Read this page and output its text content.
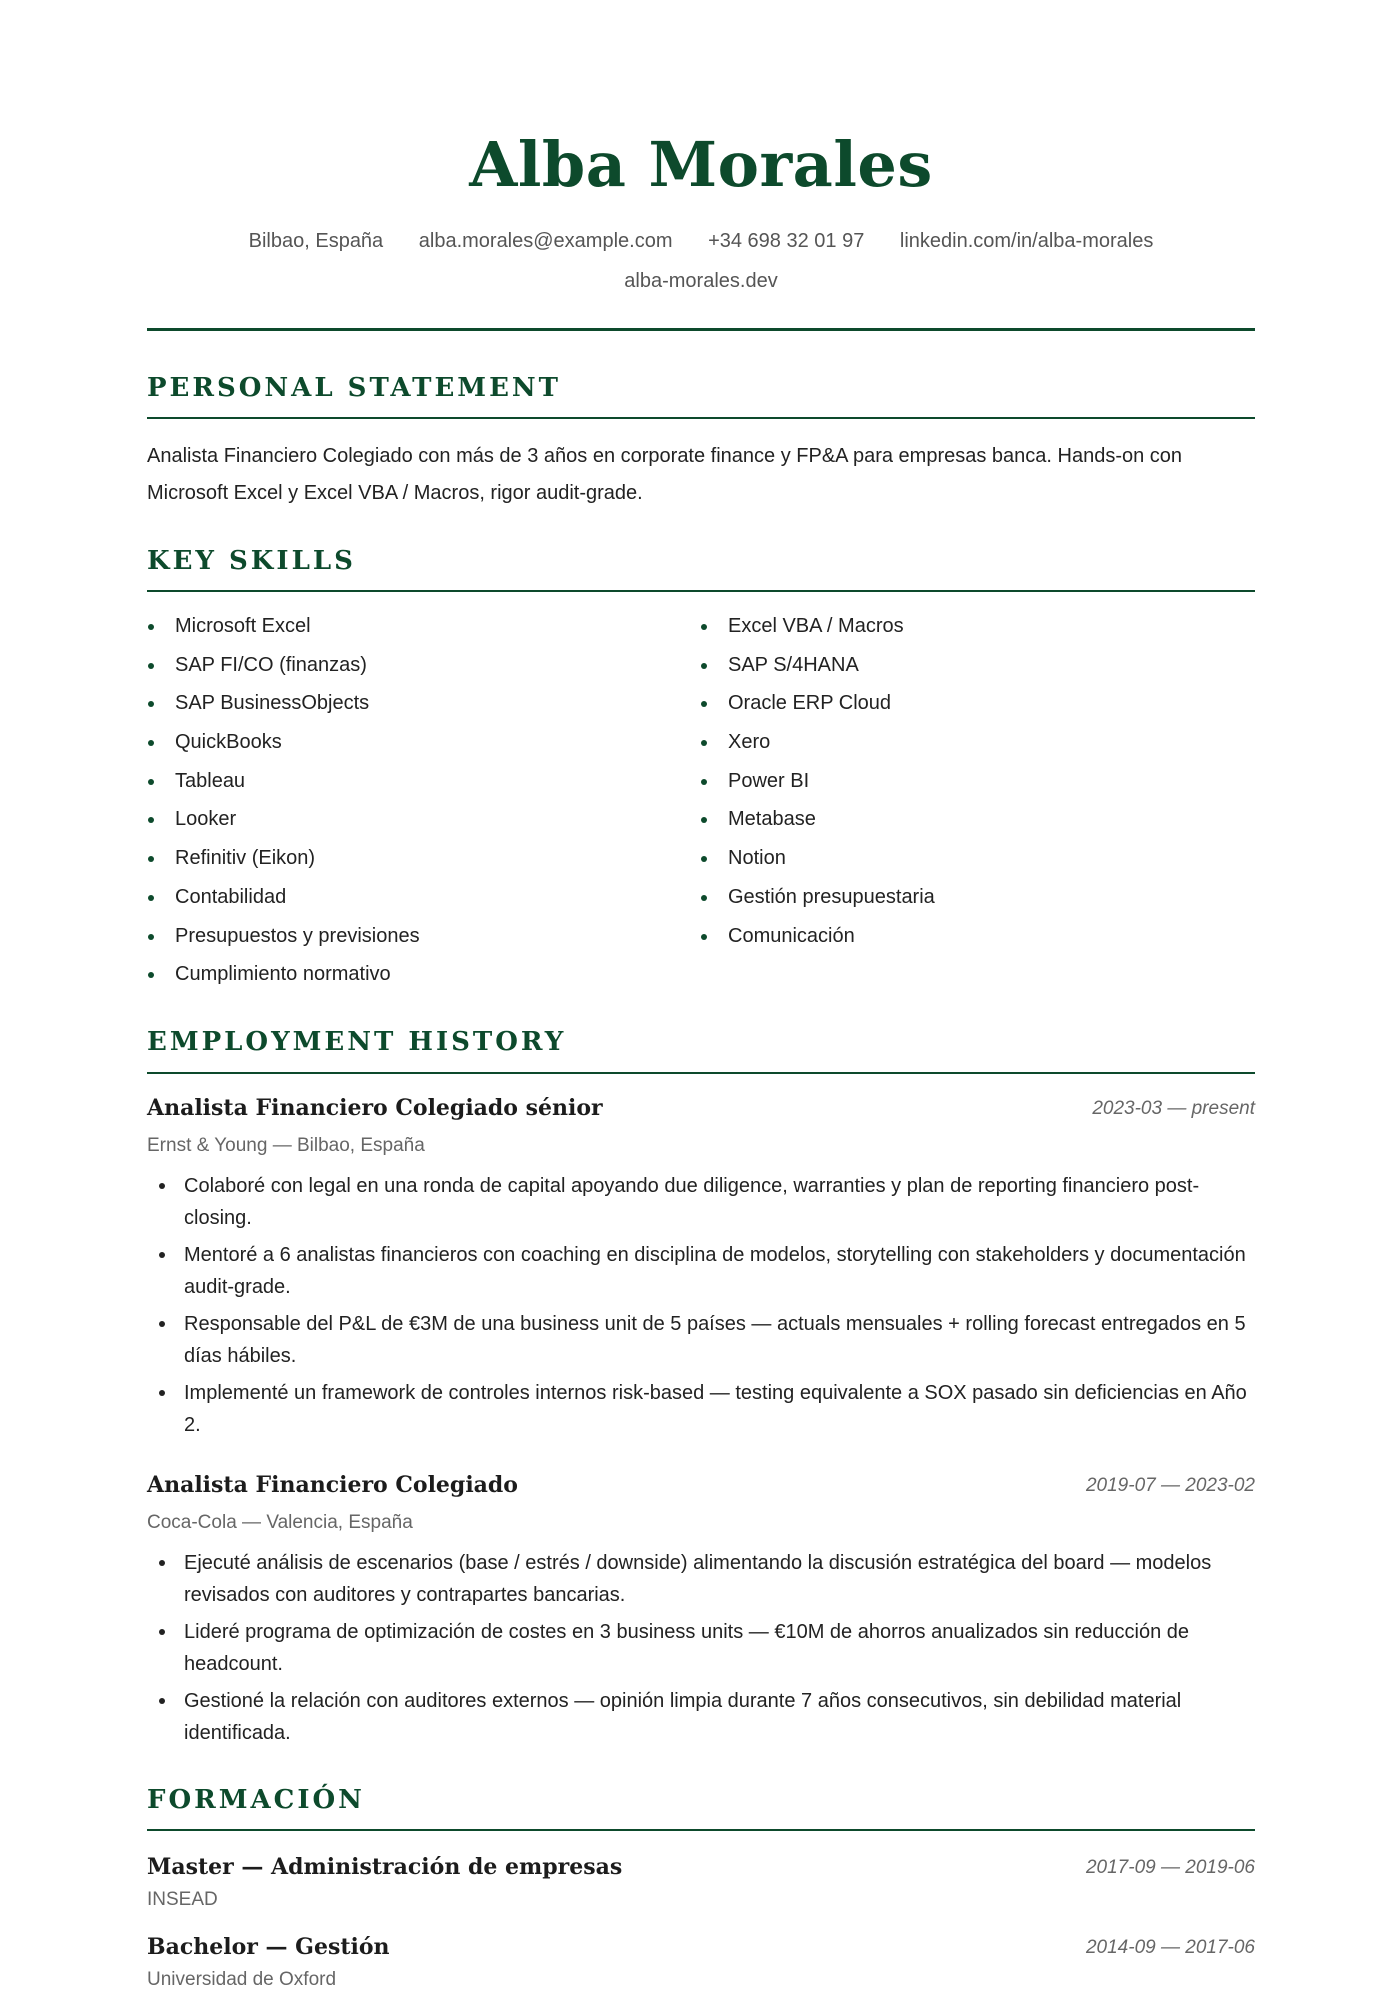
Alba Morales
Bilbao, España alba.morales@example.com +34 698 32 01 97 linkedin.com/in/alba-morales
alba-morales.dev
PERSONAL STATEMENT

Analista Financiero Colegiado con más de 3 años en corporate finance y FP&A para empresas banca. Hands-on con Microsoft Excel y Excel VBA / Macros, rigor audit-grade.

KEY SKILLS
Microsoft Excel
SAP FI/CO (finanzas)
SAP BusinessObjects
QuickBooks
Tableau
Looker
Refinitiv (Eikon)
Contabilidad
Presupuestos y previsiones
Cumplimiento normativo
Excel VBA / Macros
SAP S/4HANA
Oracle ERP Cloud
Xero
Power BI
Metabase
Notion
Gestión presupuestaria
Comunicación
EMPLOYMENT HISTORY
Analista Financiero Colegiado sénior	2023-03 — present
Ernst & Young — Bilbao, España
Colaboré con legal en una ronda de capital apoyando due diligence, warranties y plan de reporting financiero post-closing.
Mentoré a 6 analistas financieros con coaching en disciplina de modelos, storytelling con stakeholders y documentación audit-grade.
Responsable del P&L de €3M de una business unit de 5 países — actuals mensuales + rolling forecast entregados en 5 días hábiles.
Implementé un framework de controles internos risk-based — testing equivalente a SOX pasado sin deficiencias en Año 2.
Analista Financiero Colegiado	2019-07 — 2023-02
Coca-Cola — Valencia, España
Ejecuté análisis de escenarios (base / estrés / downside) alimentando la discusión estratégica del board — modelos revisados con auditores y contrapartes bancarias.
Lideré programa de optimización de costes en 3 business units — €10M de ahorros anualizados sin reducción de headcount.
Gestioné la relación con auditores externos — opinión limpia durante 7 años consecutivos, sin debilidad material identificada.
FORMACIÓN
Master — Administración de empresas	2017-09 — 2019-06
INSEAD
Bachelor — Gestión	2014-09 — 2017-06
Universidad de Oxford
